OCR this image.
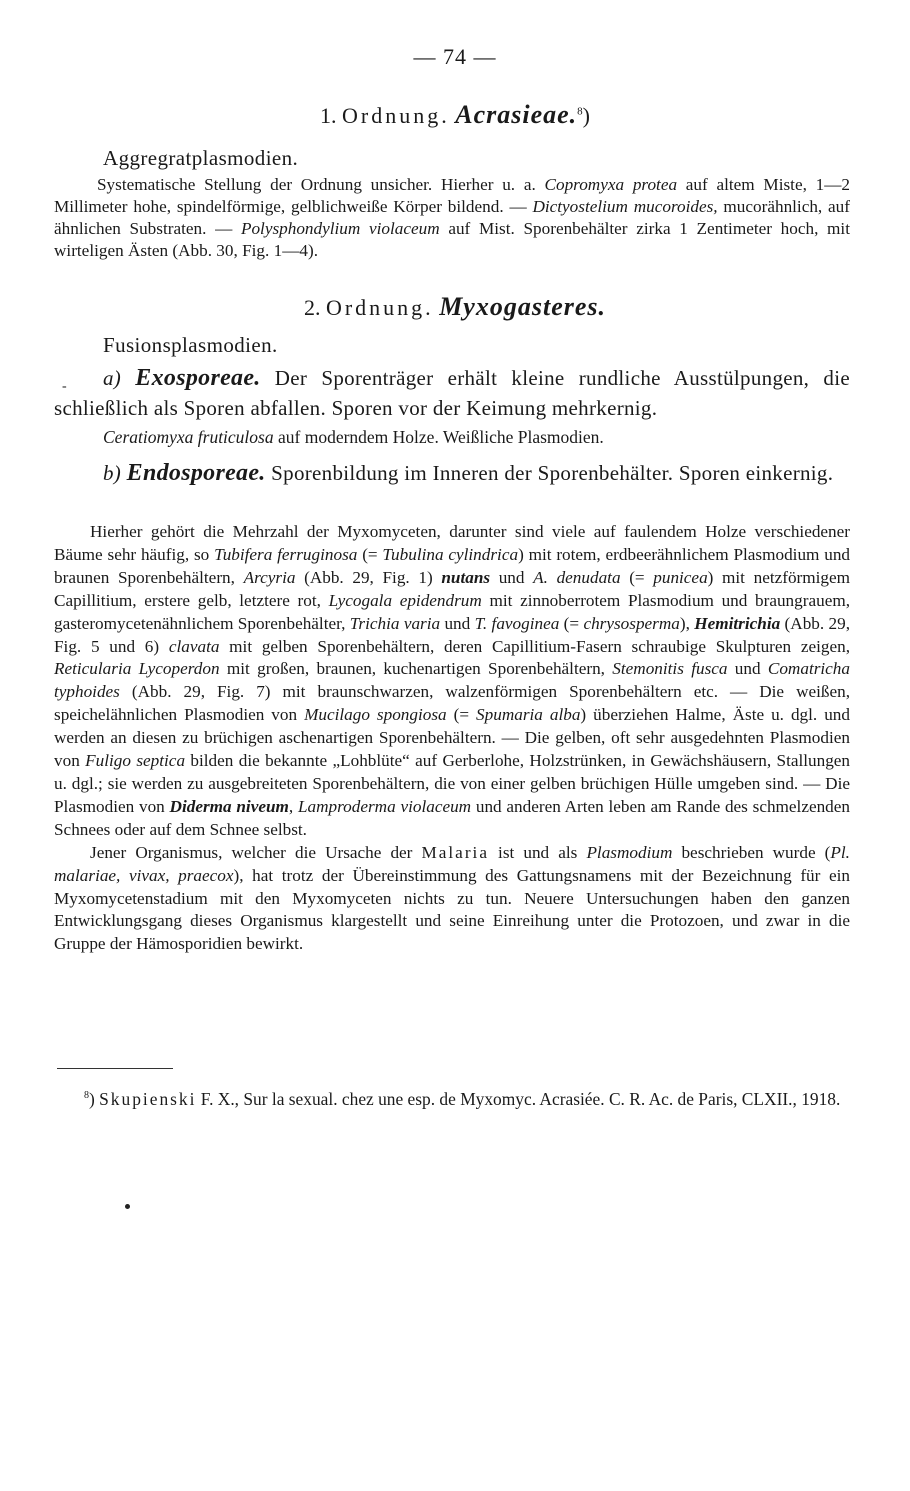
— 74 —
1. Ordnung. Acrasieae.$^8$)
Aggregratplasmodien.
Systematische Stellung der Ordnung unsicher. Hierher u. a. Copromyxa protea auf altem Miste, 1—2 Millimeter hohe, spindelförmige, gelblichweiße Körper bildend. — Dictyostelium mucoroides, mucorähnlich, auf ähnlichen Substraten. — Polysphondylium violaceum auf Mist. Sporenbehälter zirka 1 Zentimeter hoch, mit wirteligen Ästen (Abb. 30, Fig. 1—4).
2. Ordnung. Myxogasteres.
Fusionsplasmodien.
-	a) Exosporeae. Der Sporenträger erhält kleine rundliche Ausstülpungen, die schließlich als Sporen abfallen. Sporen vor der Keimung mehrkernig.
Ceratiomyxa fruticulosa auf moderndem Holze. Weißliche Plasmodien.
b) Endosporeae. Sporenbildung im Inneren der Sporenbehälter. Sporen einkernig.

Hierher gehört die Mehrzahl der Myxomyceten, darunter sind viele auf faulendem Holze verschiedener Bäume sehr häufig, so Tubifera ferruginosa (= Tubulina cylindrica) mit rotem, erdbeerähnlichem Plasmodium und braunen Sporenbehältern, Arcyria (Abb. 29, Fig. 1) nutans und A. denudata (= punicea) mit netzförmigem Capillitium, erstere gelb, letztere rot, Lycogala epidendrum mit zinnoberrotem Plasmodium und braungrauem, gasteromycetenähnlichem Sporenbehälter, Trichia varia und T. favoginea (= chrysosperma), Hemitrichia (Abb. 29, Fig. 5 und 6) clavata mit gelben Sporenbehältern, deren Capillitium-Fasern schraubige Skulpturen zeigen, Reticularia Lycoperdon mit großen, braunen, kuchenartigen Sporenbehältern, Stemonitis fusca und Comatricha typhoides (Abb. 29, Fig. 7) mit braunschwarzen, walzenförmigen Sporenbehältern etc. — Die weißen, speichelähnlichen Plasmodien von Mucilago spongiosa (= Spumaria alba) überziehen Halme, Äste u. dgl. und werden an diesen zu brüchigen aschenartigen Sporenbehältern. — Die gelben, oft sehr ausgedehnten Plasmodien von Fuligo septica bilden die bekannte „Lohblüte“ auf Gerberlohe, Holzstrünken, in Gewächshäusern, Stallungen u. dgl.; sie werden zu ausgebreiteten Sporenbehältern, die von einer gelben brüchigen Hülle umgeben sind. — Die Plasmodien von Diderma niveum, Lamproderma violaceum und anderen Arten leben am Rande des schmelzenden Schnees oder auf dem Schnee selbst.

Jener Organismus, welcher die Ursache der Malaria ist und als Plasmodium beschrieben wurde (Pl. malariae, vivax, praecox), hat trotz der Übereinstimmung des Gattungsnamens mit der Bezeichnung für ein Myxomycetenstadium mit den Myxomyceten nichts zu tun. Neuere Untersuchungen haben den ganzen Entwicklungsgang dieses Organismus klargestellt und seine Einreihung unter die Protozoen, und zwar in die Gruppe der Hämosporidien bewirkt.

$^8$) Skupienski F. X., Sur la sexual. chez une esp. de Myxomyc. Acrasiée. C. R. Ac. de Paris, CLXII., 1918.
